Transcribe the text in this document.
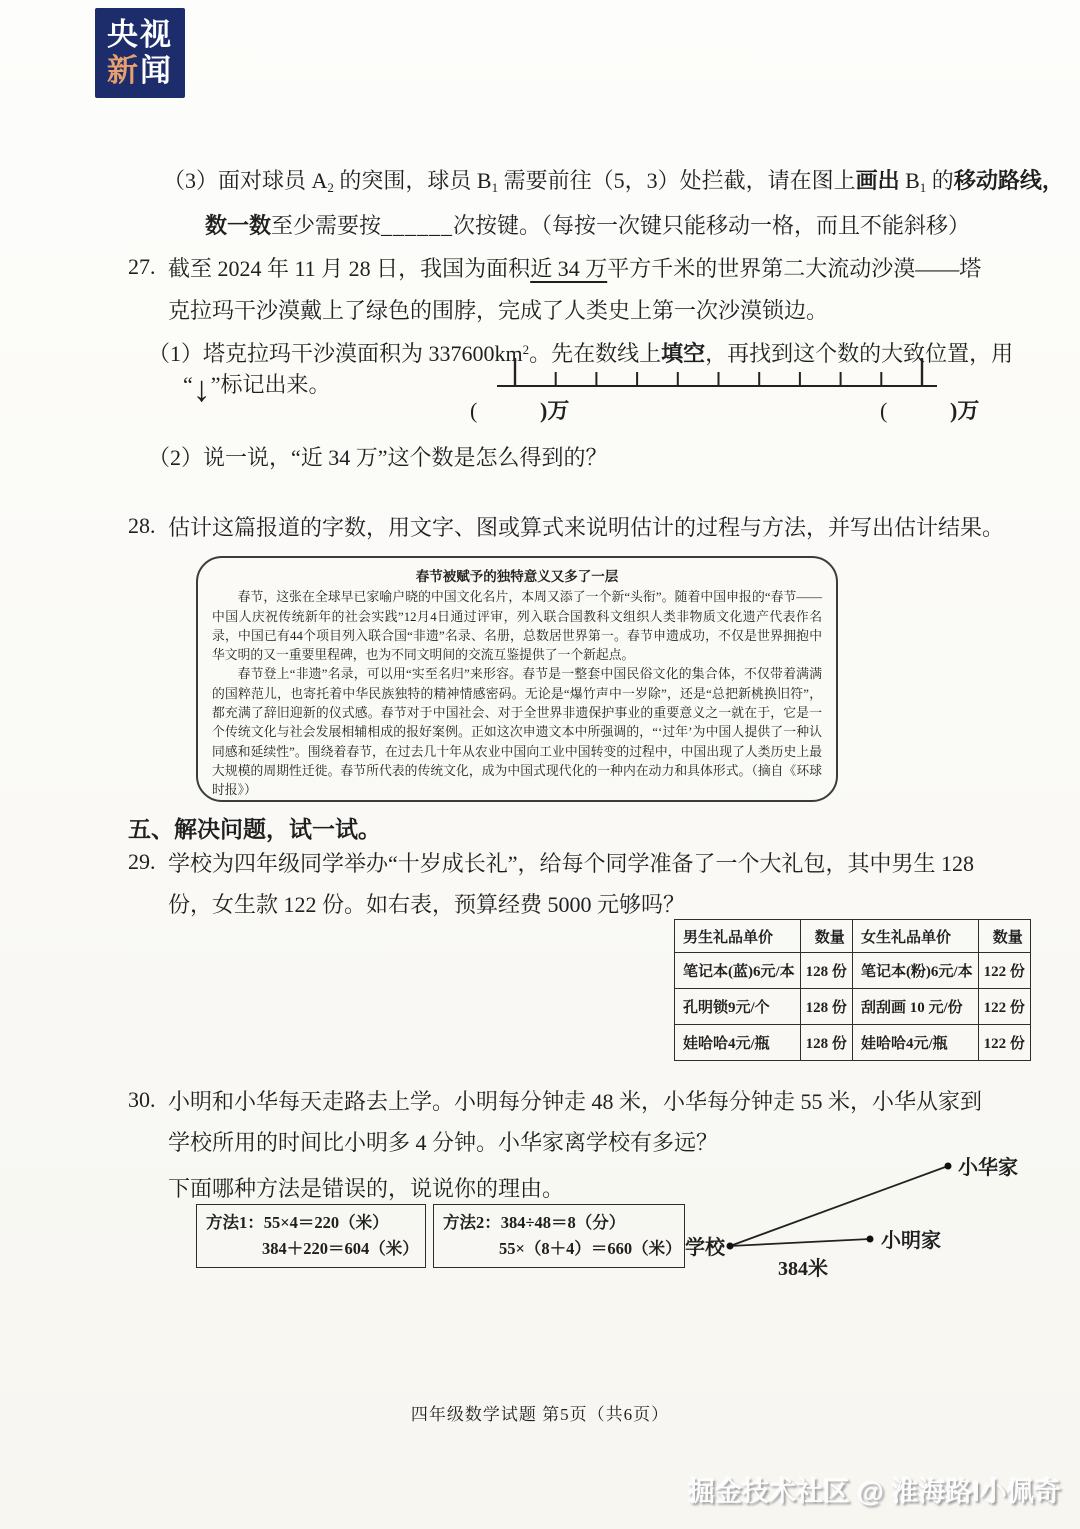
央视
新闻
（3）面对球员 $A_2$ 的突围，球员 $B_1$ 需要前往（5，3）处拦截，请在图上画出 $B_1$ 的移动路线，
数一数至少需要按______次按键。（每按一次键只能移动一格，而且不能斜移）
27. 截至 2024 年 11 月 28 日，我国为面积近 34 万平方千米的世界第二大流动沙漠——塔
克拉玛干沙漠戴上了绿色的围脖，完成了人类史上第一次沙漠锁边。
（1）塔克拉玛干沙漠面积为 $337600km^2$。先在数线上填空，再找到这个数的大致位置，用
“↓”标记出来。
(	)万	(	)万
（2）说一说，“近 34 万”这个数是怎么得到的？
28. 估计这篇报道的字数，用文字、图或算式来说明估计的过程与方法，并写出估计结果。
春节被赋予的独特意义又多了一层

春节，这张在全球早已家喻户晓的中国文化名片，本周又添了一个新“头衔”。随着中国申报的“春节——中国人庆祝传统新年的社会实践”12月4日通过评审，列入联合国教科文组织人类非物质文化遗产代表作名录，中国已有44个项目列入联合国“非遗”名录、名册，总数居世界第一。春节申遗成功，不仅是世界拥抱中华文明的又一重要里程碑，也为不同文明间的交流互鉴提供了一个新起点。

春节登上“非遗”名录，可以用“实至名归”来形容。春节是一整套中国民俗文化的集合体，不仅带着满满的国粹范儿，也寄托着中华民族独特的精神情感密码。无论是“爆竹声中一岁除”，还是“总把新桃换旧符”，都充满了辞旧迎新的仪式感。春节对于中国社会、对于全世界非遗保护事业的重要意义之一就在于，它是一个传统文化与社会发展相辅相成的报好案例。正如这次申遗文本中所强调的，“‘过年’为中国人提供了一种认同感和延续性”。围绕着春节，在过去几十年从农业中国向工业中国转变的过程中，中国出现了人类历史上最大规模的周期性迁徙。春节所代表的传统文化，成为中国式现代化的一种内在动力和具体形式。（摘自《环球时报》）

五、解决问题，试一试。
29. 学校为四年级同学举办“十岁成长礼”，给每个同学准备了一个大礼包，其中男生 128
份，女生款 122 份。如右表，预算经费 5000 元够吗？
男生礼品单价	数量	女生礼品单价	数量
笔记本(蓝)6元/本	128 份	笔记本(粉)6元/本	122 份
孔明锁9元/个	128 份	刮刮画 10 元/份	122 份
娃哈哈4元/瓶	128 份	娃哈哈4元/瓶	122 份
30. 小明和小华每天走路去上学。小明每分钟走 48 米，小华每分钟走 55 米，小华从家到
学校所用的时间比小明多 4 分钟。小华家离学校有多远？
下面哪种方法是错误的，说说你的理由。
方法1：55×4＝220（米）
384＋220＝604（米）
方法2：384÷48＝8（分）
55×（8＋4）＝660（米） 学校
小华家
小明家
384米
四年级数学试题 第5页（共6页）
掘金技术社区 @ 淮海路l小佩奇
